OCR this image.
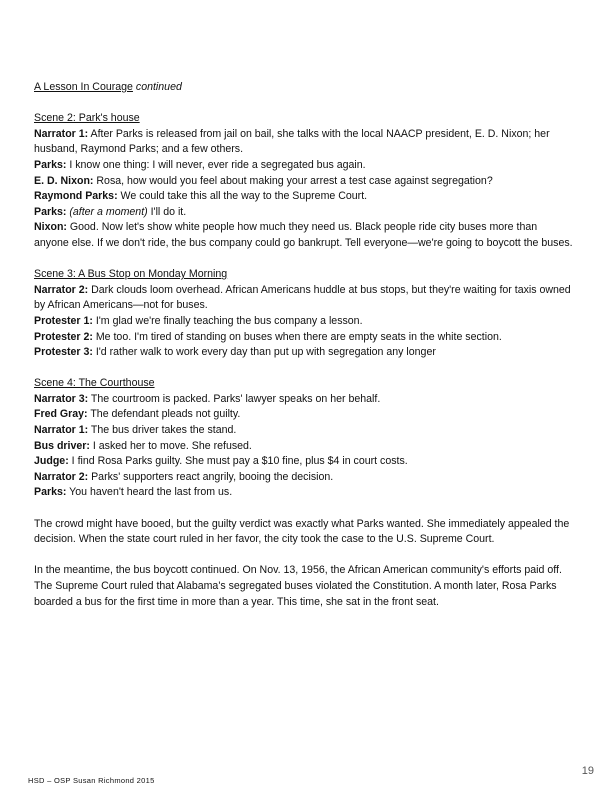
A Lesson In Courage continued

Scene 2: Park's house

Narrator 1: After Parks is released from jail on bail, she talks with the local NAACP president, E. D. Nixon; her husband, Raymond Parks; and a few others.

Parks: I know one thing: I will never, ever ride a segregated bus again.

E. D. Nixon: Rosa, how would you feel about making your arrest a test case against segregation?

Raymond Parks: We could take this all the way to the Supreme Court.

Parks: (after a moment) I'll do it.

Nixon: Good. Now let's show white people how much they need us. Black people ride city buses more than anyone else. If we don't ride, the bus company could go bankrupt. Tell everyone—we're going to boycott the buses.

Scene 3: A Bus Stop on Monday Morning

Narrator 2: Dark clouds loom overhead. African Americans huddle at bus stops, but they're waiting for taxis owned by African Americans—not for buses.

Protester 1: I'm glad we're finally teaching the bus company a lesson.

Protester 2: Me too. I'm tired of standing on buses when there are empty seats in the white section.

Protester 3: I'd rather walk to work every day than put up with segregation any longer

Scene 4: The Courthouse

Narrator 3: The courtroom is packed. Parks' lawyer speaks on her behalf.

Fred Gray: The defendant pleads not guilty.

Narrator 1: The bus driver takes the stand.

Bus driver: I asked her to move. She refused.

Judge: I find Rosa Parks guilty. She must pay a $10 fine, plus $4 in court costs.

Narrator 2: Parks' supporters react angrily, booing the decision.

Parks: You haven't heard the last from us.

The crowd might have booed, but the guilty verdict was exactly what Parks wanted. She immediately appealed the decision. When the state court ruled in her favor, the city took the case to the U.S. Supreme Court.

In the meantime, the bus boycott continued. On Nov. 13, 1956, the African American community's efforts paid off. The Supreme Court ruled that Alabama's segregated buses violated the Constitution. A month later, Rosa Parks boarded a bus for the first time in more than a year. This time, she sat in the front seat.

19
HSD – OSP Susan Richmond 2015
